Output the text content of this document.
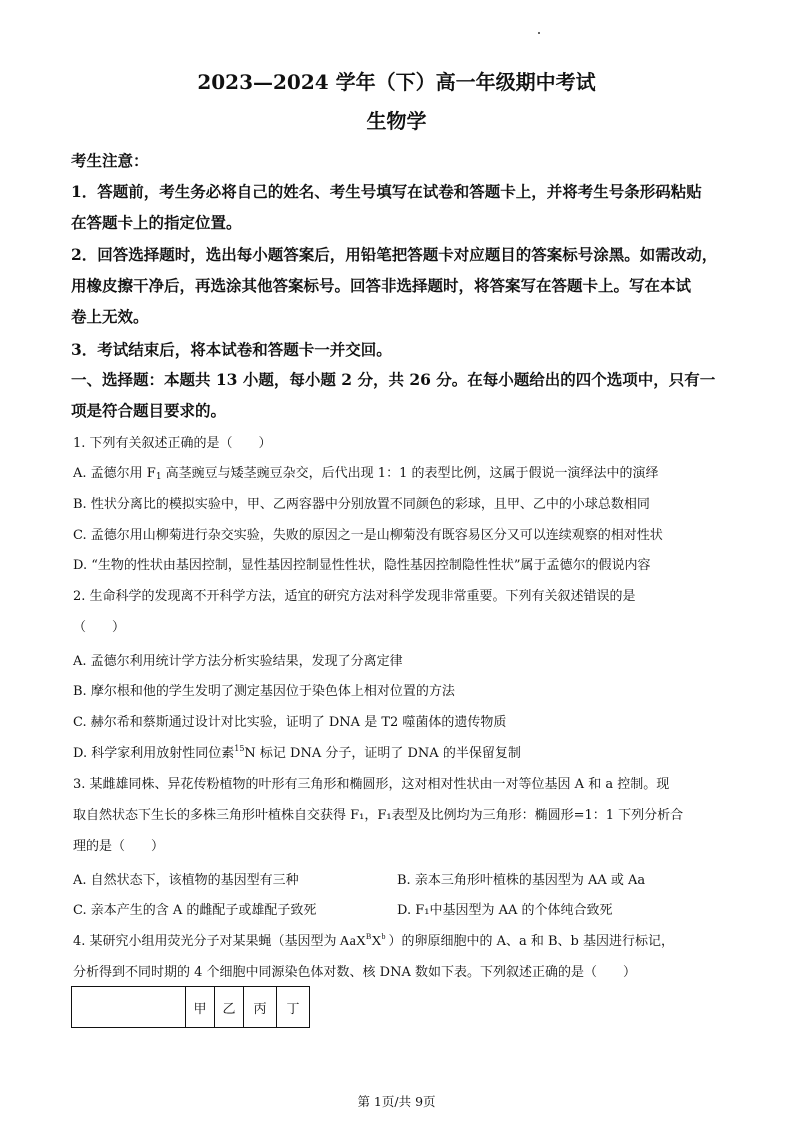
2023—2024 学年（下）高一年级期中考试
生物学
考生注意：
1．答题前，考生务必将自己的姓名、考生号填写在试卷和答题卡上，并将考生号条形码粘贴
在答题卡上的指定位置。
2．回答选择题时，选出每小题答案后，用铅笔把答题卡对应题目的答案标号涂黑。如需改动，
用橡皮擦干净后，再选涂其他答案标号。回答非选择题时，将答案写在答题卡上。写在本试
卷上无效。
3．考试结束后，将本试卷和答题卡一并交回。
一、选择题：本题共 13 小题，每小题 2 分，共 26 分。在每小题给出的四个选项中，只有一
项是符合题目要求的。
1. 下列有关叙述正确的是（　　）
A. 孟德尔用 $F_1$ 高茎豌豆与矮茎豌豆杂交，后代出现 1：1 的表型比例，这属于假说一演绎法中的演绎
B. 性状分离比的模拟实验中，甲、乙两容器中分别放置不同颜色的彩球，且甲、乙中的小球总数相同
C. 孟德尔用山柳菊进行杂交实验，失败的原因之一是山柳菊没有既容易区分又可以连续观察的相对性状
D. “生物的性状由基因控制，显性基因控制显性性状，隐性基因控制隐性性状”属于孟德尔的假说内容
2. 生命科学的发现离不开科学方法，适宜的研究方法对科学发现非常重要。下列有关叙述错误的是
（　　）
A. 孟德尔利用统计学方法分析实验结果，发现了分离定律
B. 摩尔根和他的学生发明了测定基因位于染色体上相对位置的方法
C. 赫尔希和蔡斯通过设计对比实验，证明了 DNA 是 T2 噬菌体的遗传物质
D. 科学家利用放射性同位素$^{15}$N 标记 DNA 分子，证明了 DNA 的半保留复制
3. 某雌雄同株、异花传粉植物的叶形有三角形和椭圆形，这对相对性状由一对等位基因 A 和 a 控制。现
取自然状态下生长的多株三角形叶植株自交获得 F₁，F₁表型及比例均为三角形：椭圆形=1：1 下列分析合
理的是（　　）
A. 自然状态下，该植物的基因型有三种	B. 亲本三角形叶植株的基因型为 AA 或 Aa
C. 亲本产生的含 A 的雌配子或雄配子致死	D. F₁中基因型为 AA 的个体纯合致死
4. 某研究小组用荧光分子对某果蝇（基因型为 $AaX^BX^b$ ）的卵原细胞中的 A、a 和 B、b 基因进行标记，
分析得到不同时期的 4 个细胞中同源染色体对数、核 DNA 数如下表。下列叙述正确的是（　　）
	甲	乙	丙	丁
第 1页/共 9页
